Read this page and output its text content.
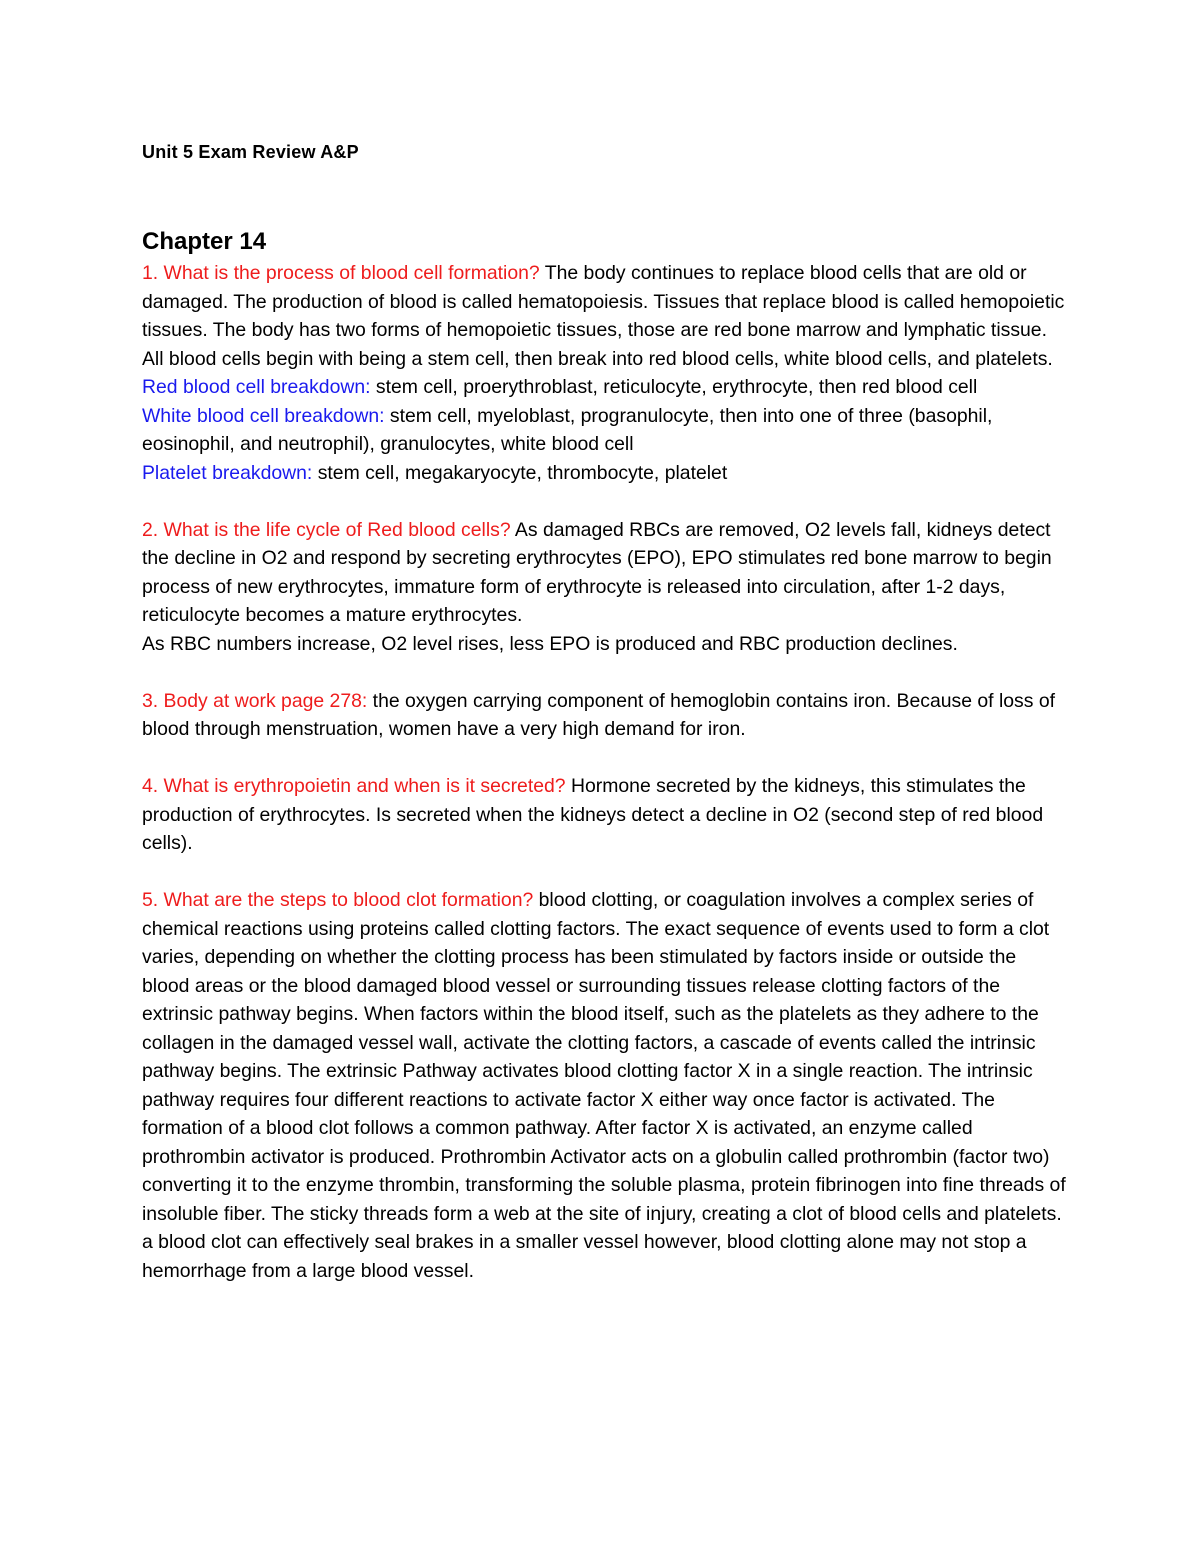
Unit 5 Exam Review A&P
Chapter 14

1. What is the process of blood cell formation? The body continues to replace blood cells that are old or damaged. The production of blood is called hematopoiesis. Tissues that replace blood is called hemopoietic tissues. The body has two forms of hemopoietic tissues, those are red bone marrow and lymphatic tissue. All blood cells begin with being a stem cell, then break into red blood cells, white blood cells, and platelets.

Red blood cell breakdown: stem cell, proerythroblast, reticulocyte, erythrocyte, then red blood cell

White blood cell breakdown: stem cell, myeloblast, progranulocyte, then into one of three (basophil, eosinophil, and neutrophil), granulocytes, white blood cell

Platelet breakdown: stem cell, megakaryocyte, thrombocyte, platelet

2. What is the life cycle of Red blood cells? As damaged RBCs are removed, O2 levels fall, kidneys detect the decline in O2 and respond by secreting erythrocytes (EPO), EPO stimulates red bone marrow to begin process of new erythrocytes, immature form of erythrocyte is released into circulation, after 1-2 days, reticulocyte becomes a mature erythrocytes.

As RBC numbers increase, O2 level rises, less EPO is produced and RBC production declines.

3. Body at work page 278: the oxygen carrying component of hemoglobin contains iron. Because of loss of blood through menstruation, women have a very high demand for iron.

4. What is erythropoietin and when is it secreted? Hormone secreted by the kidneys, this stimulates the production of erythrocytes. Is secreted when the kidneys detect a decline in O2 (second step of red blood cells).

5. What are the steps to blood clot formation? blood clotting, or coagulation involves a complex series of chemical reactions using proteins called clotting factors. The exact sequence of events used to form a clot varies, depending on whether the clotting process has been stimulated by factors inside or outside the blood areas or the blood damaged blood vessel or surrounding tissues release clotting factors of the extrinsic pathway begins. When factors within the blood itself, such as the platelets as they adhere to the collagen in the damaged vessel wall, activate the clotting factors, a cascade of events called the intrinsic pathway begins. The extrinsic Pathway activates blood clotting factor X in a single reaction. The intrinsic pathway requires four different reactions to activate factor X either way once factor is activated. The formation of a blood clot follows a common pathway. After factor X is activated, an enzyme called prothrombin activator is produced. Prothrombin Activator acts on a globulin called prothrombin (factor two) converting it to the enzyme thrombin, transforming the soluble plasma, protein fibrinogen into fine threads of insoluble fiber. The sticky threads form a web at the site of injury, creating a clot of blood cells and platelets. a blood clot can effectively seal brakes in a smaller vessel however, blood clotting alone may not stop a hemorrhage from a large blood vessel.
